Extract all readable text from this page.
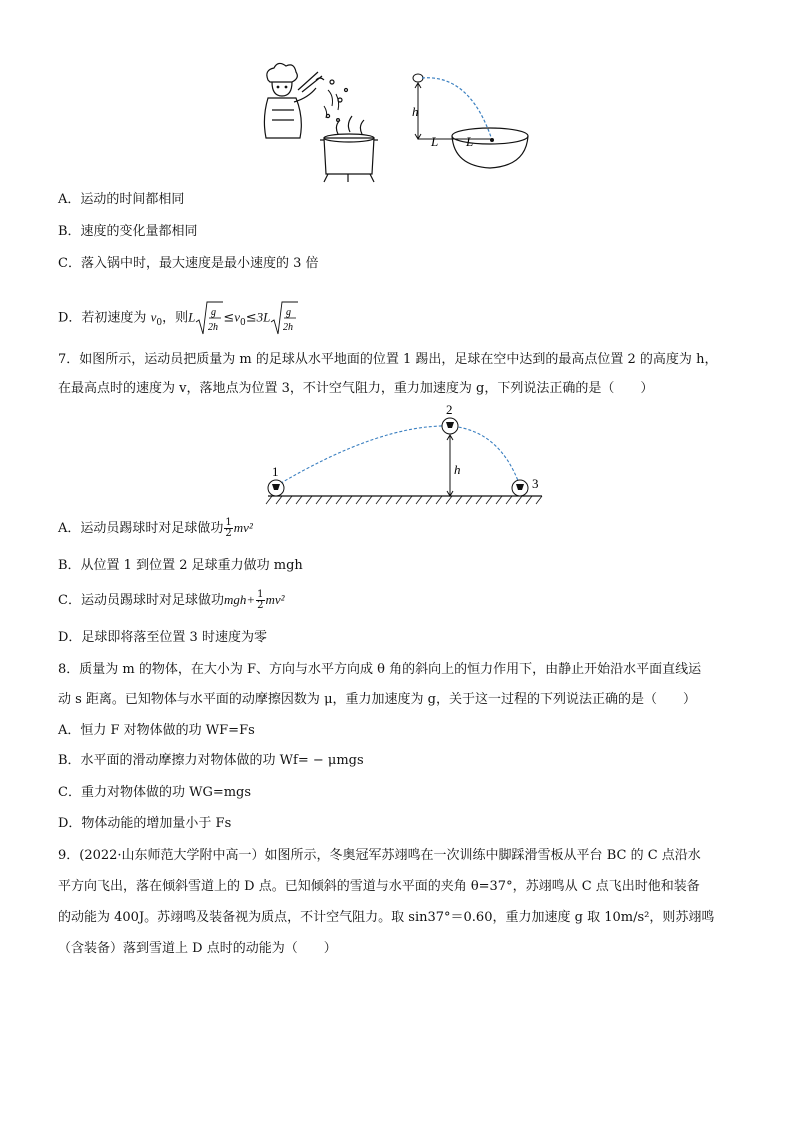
h
L L
A．运动的时间都相同
B．速度的变化量都相同
C．落入锅中时，最大速度是最小速度的 3 倍
D．若初速度为 $v_0$，则L g
2h
$\le v_0\le 3L$ g
2h
7．如图所示，运动员把质量为 m 的足球从水平地面的位置 1 踢出，足球在空中达到的最高点位置 2 的高度为 h，
在最高点时的速度为 v，落地点为位置 3，不计空气阻力，重力加速度为 g，下列说法正确的是（　　）
1
2
3
h
A．运动员踢球时对足球做功 $\frac{1}{2} mv^2$
B．从位置 1 到位置 2 足球重力做功 mgh
C．运动员踢球时对足球做功$mgh+ \frac{1}{2} mv^2$
D．足球即将落至位置 3 时速度为零
8．质量为 m 的物体，在大小为 F、方向与水平方向成 θ 角的斜向上的恒力作用下，由静止开始沿水平面直线运
动 s 距离。已知物体与水平面的动摩擦因数为 μ，重力加速度为 g，关于这一过程的下列说法正确的是（　　）
A．恒力 F 对物体做的功 WF=Fs
B．水平面的滑动摩擦力对物体做的功 Wf= − μmgs
C．重力对物体做的功 WG=mgs
D．物体动能的增加量小于 Fs
9．(2022·山东师范大学附中高一）如图所示，冬奥冠军苏翊鸣在一次训练中脚踩滑雪板从平台 BC 的 C 点沿水
平方向飞出，落在倾斜雪道上的 D 点。已知倾斜的雪道与水平面的夹角 θ=37°，苏翊鸣从 C 点飞出时他和装备
的动能为 400J。苏翊鸣及装备视为质点，不计空气阻力。取 sin37°＝0.60，重力加速度 g 取 10m/s²，则苏翊鸣
（含装备）落到雪道上 D 点时的动能为（　　）
